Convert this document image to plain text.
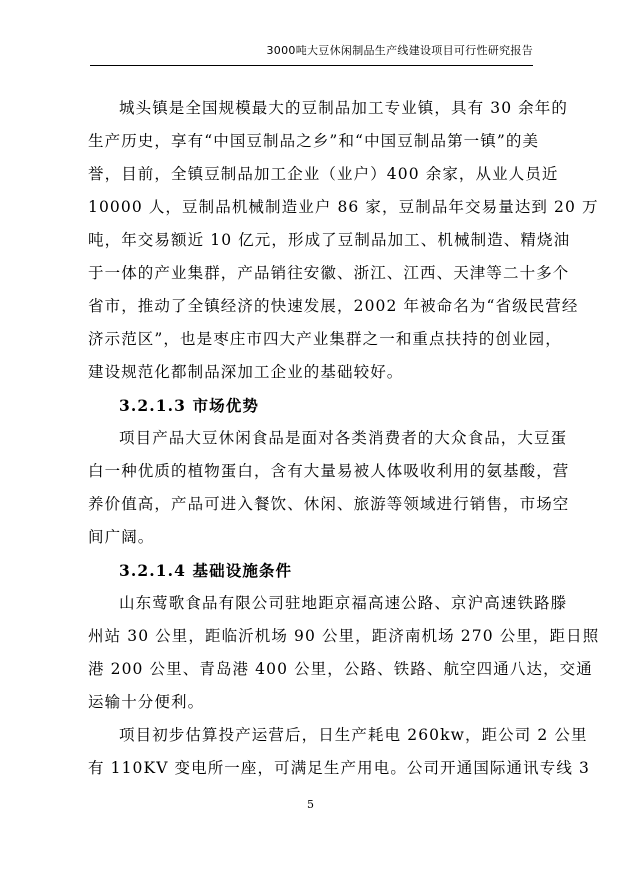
3000吨大豆休闲制品生产线建设项目可行性研究报告
城头镇是全国规模最大的豆制品加工专业镇，具有 30 余年的
生产历史，享有“中国豆制品之乡”和“中国豆制品第一镇”的美
誉，目前，全镇豆制品加工企业（业户）400 余家，从业人员近
10000 人，豆制品机械制造业户 86 家，豆制品年交易量达到 20 万
吨，年交易额近 10 亿元，形成了豆制品加工、机械制造、精烧油
于一体的产业集群，产品销往安徽、浙江、江西、天津等二十多个
省市，推动了全镇经济的快速发展，2002 年被命名为“省级民营经
济示范区”，也是枣庄市四大产业集群之一和重点扶持的创业园，
建设规范化都制品深加工企业的基础较好。
3.2.1.3 市场优势
项目产品大豆休闲食品是面对各类消费者的大众食品，大豆蛋
白一种优质的植物蛋白，含有大量易被人体吸收利用的氨基酸，营
养价值高，产品可进入餐饮、休闲、旅游等领域进行销售，市场空
间广阔。
3.2.1.4 基础设施条件
山东莺歌食品有限公司驻地距京福高速公路、京沪高速铁路滕
州站 30 公里，距临沂机场 90 公里，距济南机场 270 公里，距日照
港 200 公里、青岛港 400 公里，公路、铁路、航空四通八达，交通
运输十分便利。
项目初步估算投产运营后，日生产耗电 260kw，距公司 2 公里
有 110KV 变电所一座，可满足生产用电。公司开通国际通讯专线 3
5
